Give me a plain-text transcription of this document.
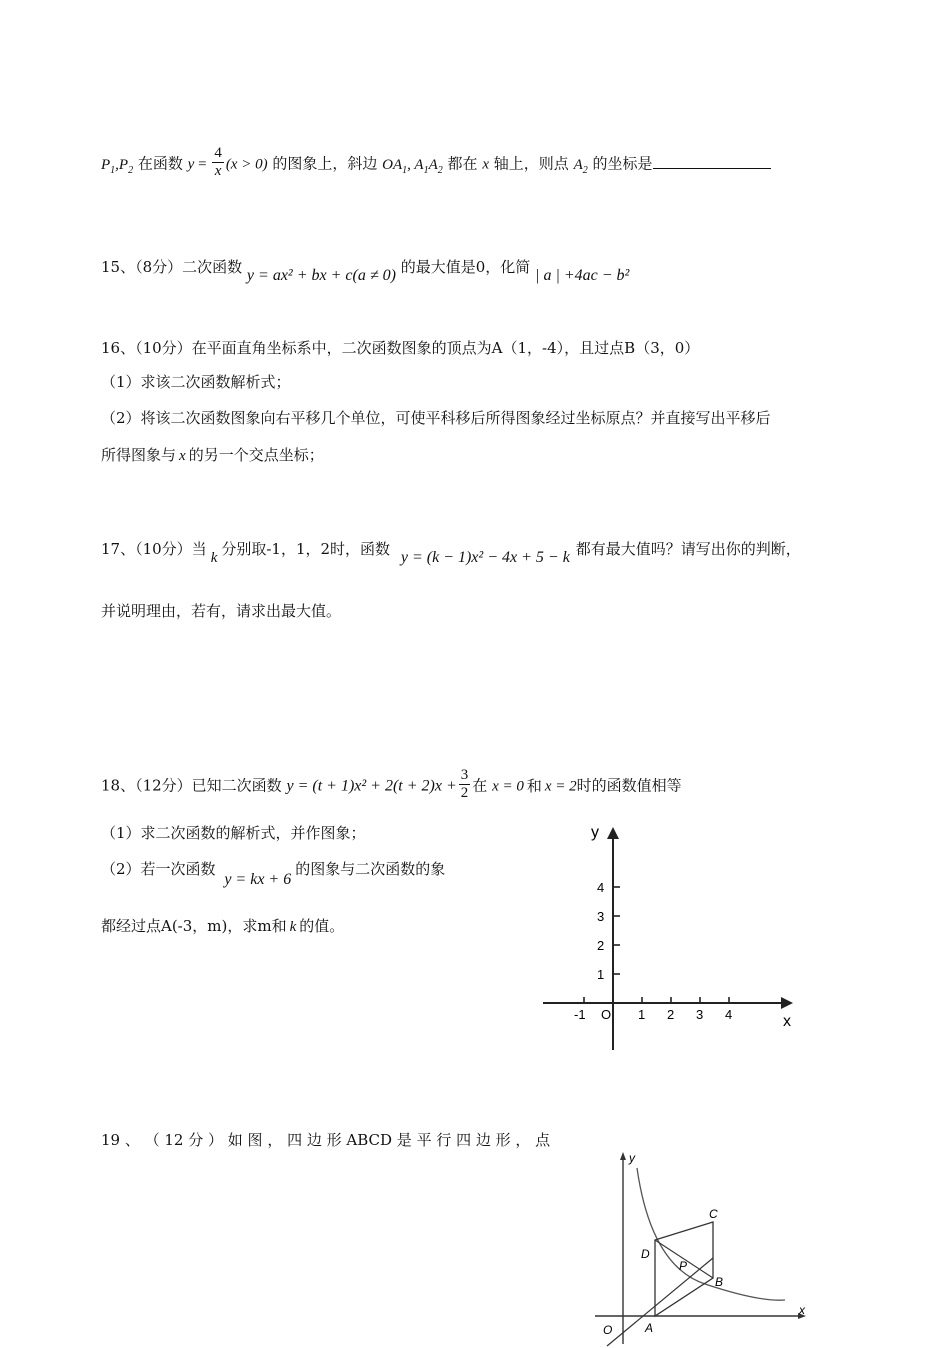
$P_1,P_2$ 在函数 $y = \frac{4}{x} (x > 0)$ 的图象上，斜边 $OA_1$, $A_1A_2$ 都在 x 轴上，则点 $A_2$ 的坐标是
15、（8分）二次函数 y = ax² + bx + c(a ≠ 0) 的最大值是0，化简 | a | +4ac − b²
16、（10分）在平面直角坐标系中，二次函数图象的顶点为A（1，-4），且过点B（3，0）
（1）求该二次函数解析式；
（2）将该二次函数图象向右平移几个单位，可使平科移后所得图象经过坐标原点？并直接写出平移后
所得图象与 x 的另一个交点坐标；
17、（10分）当 k 分别取-1，1，2时，函数 y = (k − 1)x² − 4x + 5 − k 都有最大值吗？请写出你的判断，
并说明理由，若有，请求出最大值。
18、（12分）已知二次函数 $y = (t + 1)x^2 + 2(t + 2)x + \frac{3}{2}$ 在 x = 0 和 x = 2时的函数值相等
（1）求二次函数的解析式，并作图象；
（2）若一次函数 y = kx + 6的图象与二次函数的象
都经过点A(-3，m)，求m和 k 的值。
y
x
O
-1	1 2 3 4
1
2
3
4
19 、 （ 12 分 ） 如 图 ， 四 边 形 ABCD 是 平 行 四 边 形 ， 点
y
x
C
D
P
B
A
O
